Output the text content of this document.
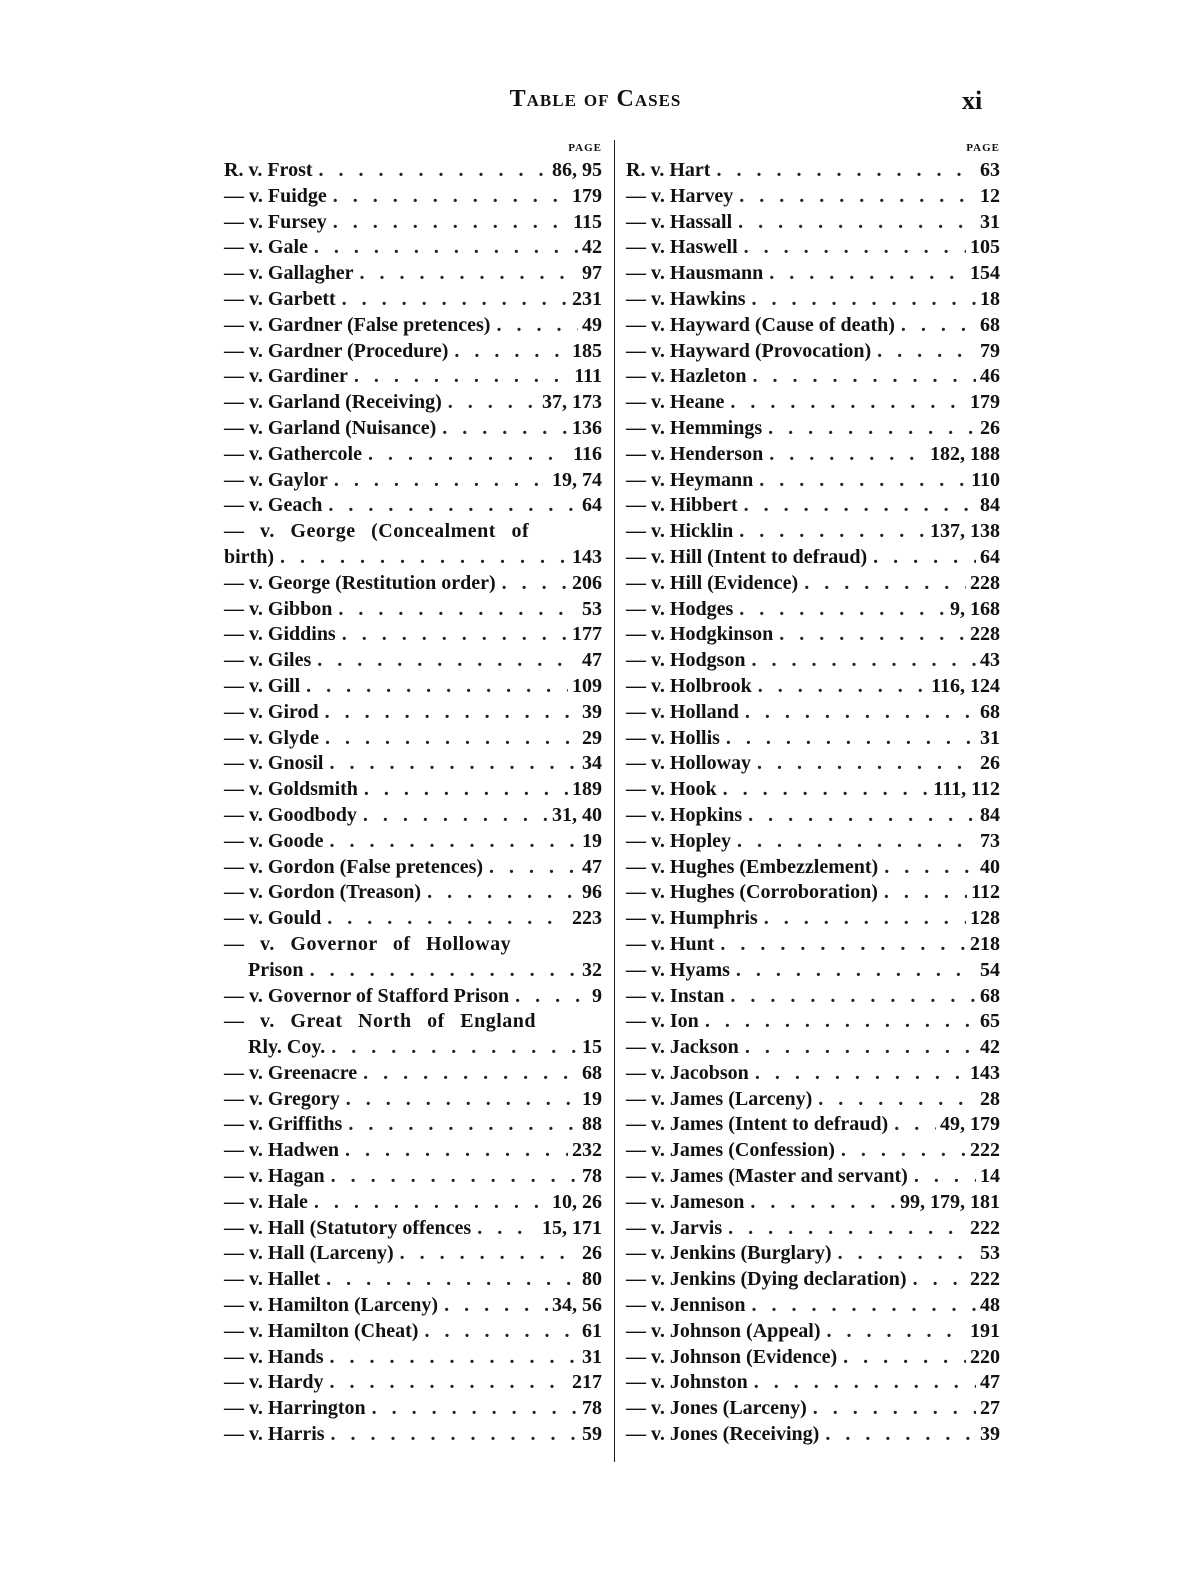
Table of Cases	xi
PAGE
R. v. Frost . . .	86, 95
— v. Fuidge . . .	179
— v. Fursey . . .	115
— v. Gale . . .	42
— v. Gallagher . . .	97
— v. Garbett . . .	231
— v. Gardner (False pretences) . . .	49
— v. Gardner (Procedure) . . .	185
— v. Gardiner . . .	111
— v. Garland (Receiving) . . .	37, 173
— v. Garland (Nuisance) . . .	136
— v. Gathercole . . .	116
— v. Gaylor . . .	19, 74
— v. Geach . . .	64
— v. George (Concealment of
birth) . . .	143
— v. George (Restitution order) . . .	206
— v. Gibbon . . .	53
— v. Giddins . . .	177
— v. Giles . . .	47
— v. Gill . . .	109
— v. Girod . . .	39
— v. Glyde . . .	29
— v. Gnosil . . .	34
— v. Goldsmith . . .	189
— v. Goodbody . . .	31, 40
— v. Goode . . .	19
— v. Gordon (False pretences) . . .	47
— v. Gordon (Treason) . . .	96
— v. Gould . . .	223
— v. Governor of Holloway
Prison . . .	32
— v. Governor of Stafford Prison . . .	9
— v. Great North of England
Rly. Coy. . . .	15
— v. Greenacre . . .	68
— v. Gregory . . .	19
— v. Griffiths . . .	88
— v. Hadwen . . .	232
— v. Hagan . . .	78
— v. Hale . . .	10, 26
— v. Hall (Statutory offences . . .	15, 171
— v. Hall (Larceny) . . .	26
— v. Hallet . . .	80
— v. Hamilton (Larceny) . . .	34, 56
— v. Hamilton (Cheat) . . .	61
— v. Hands . . .	31
— v. Hardy . . .	217
— v. Harrington . . .	78
— v. Harris . . .	59
PAGE
R. v. Hart . . .	63
— v. Harvey . . .	12
— v. Hassall . . .	31
— v. Haswell . . .	105
— v. Hausmann . . .	154
— v. Hawkins . . .	18
— v. Hayward (Cause of death) . . .	68
— v. Hayward (Provocation) . . .	79
— v. Hazleton . . .	46
— v. Heane . . .	179
— v. Hemmings . . .	26
— v. Henderson . . .	182, 188
— v. Heymann . . .	110
— v. Hibbert . . .	84
— v. Hicklin . . .	137, 138
— v. Hill (Intent to defraud) . . .	64
— v. Hill (Evidence) . . .	228
— v. Hodges . . .	9, 168
— v. Hodgkinson . . .	228
— v. Hodgson . . .	43
— v. Holbrook . . .	116, 124
— v. Holland . . .	68
— v. Hollis . . .	31
— v. Holloway . . .	26
— v. Hook . . .	111, 112
— v. Hopkins . . .	84
— v. Hopley . . .	73
— v. Hughes (Embezzlement) . . .	40
— v. Hughes (Corroboration) . . .	112
— v. Humphris . . .	128
— v. Hunt . . .	218
— v. Hyams . . .	54
— v. Instan . . .	68
— v. Ion . . .	65
— v. Jackson . . .	42
— v. Jacobson . . .	143
— v. James (Larceny) . . .	28
— v. James (Intent to defraud) . . .	49, 179
— v. James (Confession) . . .	222
— v. James (Master and servant) . . .	14
— v. Jameson . . .	99, 179, 181
— v. Jarvis . . .	222
— v. Jenkins (Burglary) . . .	53
— v. Jenkins (Dying declaration) . . .	222
— v. Jennison . . .	48
— v. Johnson (Appeal) . . .	191
— v. Johnson (Evidence) . . .	220
— v. Johnston . . .	47
— v. Jones (Larceny) . . .	27
— v. Jones (Receiving) . . .	39
